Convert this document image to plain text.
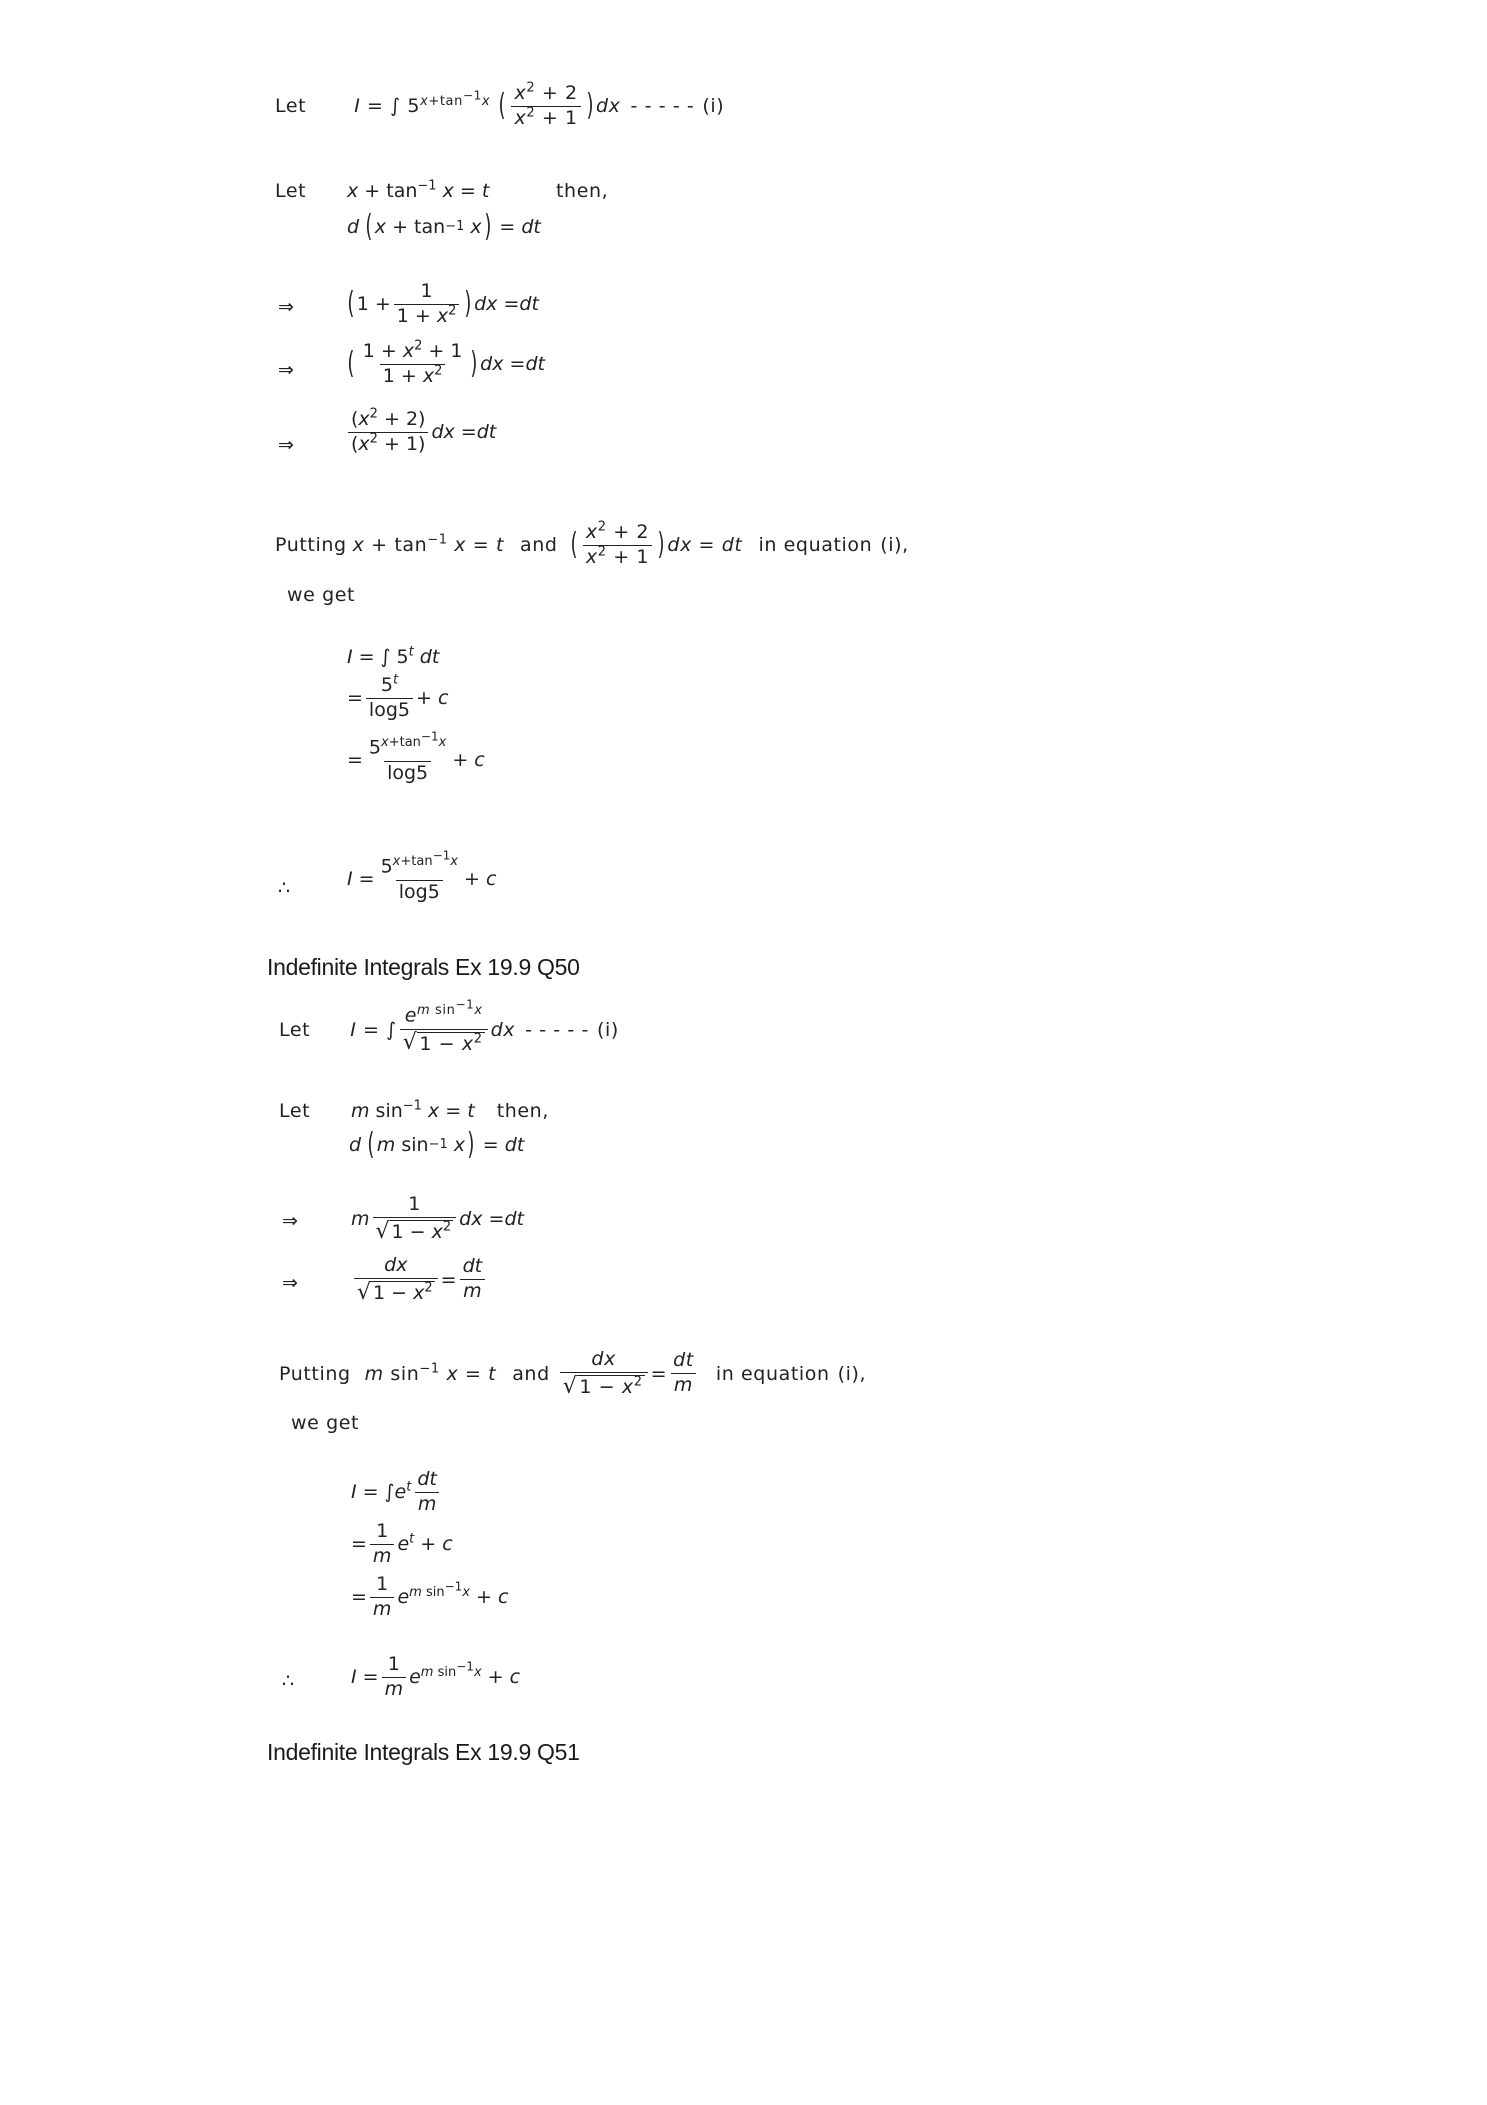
Let	I = ∫ $5^{x+tan^{-1}x}$ ( $\frac{x^2 + 2}{x^2 + 1}$ ) dx - - - - - (i)
Let $x + \tan^{-1} x = t$	then,
d ( x + tan −1
x ) = dt
⇒ ( $1 + \frac{1}{1 + x^2}$ ) dx = dt
⇒ ( $\frac{1 + x^2 + 1}{1 + x^2}$ ) dx = dt
⇒	$\frac{(x^2 + 2)}{(x^2 + 1)}$ dx = dt
Putting $x + \tan^{-1} x = t$ and ( $\frac{x^2 + 2}{x^2 + 1}$ ) dx = dt in equation (i) ,
we get
I = ∫ 5$^t$ dt
= $\frac{5^t}{\log 5} + c$
= $\frac{5^{x+tan^{-1}x}}{\log 5} + c$
∴	$I = \frac{5^{x+tan^{-1}x}}{\log 5} + c$
Indefinite Integrals Ex 19.9 Q50
Let I = ∫ $\frac{e^{m sin^{-1}x}}{√ 1 - x^2}$ dx - - - - - (i)
Let m $\sin^{-1} x = t$ then,
d ( m sin −1
x ) = dt
⇒	m $\frac{1}{√ 1 - x^2}$ dx = dt
⇒	$\frac{dx}{√ 1 - x^2} = \frac{dt}{m}$
Putting m $\sin^{-1} x = t$ and $\frac{dx}{√ 1 - x^2} = \frac{dt}{m}$ in equation (i) ,
we get
$I = \int e^t \frac{dt}{m}$
= $\frac{1}{m} e^t + c$
= $\frac{1}{m} e^{m sin^{-1}x} + c$
∴	$I = \frac{1}{m} e^{m sin^{-1}x} + c$
Indefinite Integrals Ex 19.9 Q51
